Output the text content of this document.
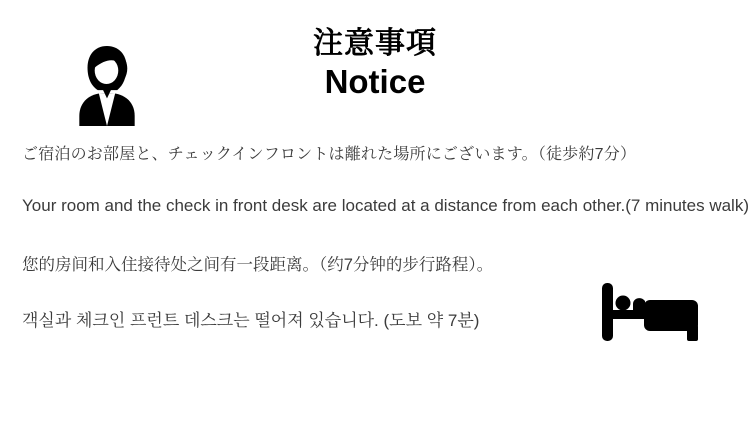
注意事項
Notice

ご宿泊のお部屋と、チェックインフロントは離れた場所にございます。（徒歩約7分）

Your room and the check in front desk are located at a distance from each other.(7 minutes walk)

您的房间和入住接待处之间有一段距离。（约7分钟的步行路程）。

객실과 체크인 프런트 데스크는 떨어져 있습니다. (도보 약 7분)
